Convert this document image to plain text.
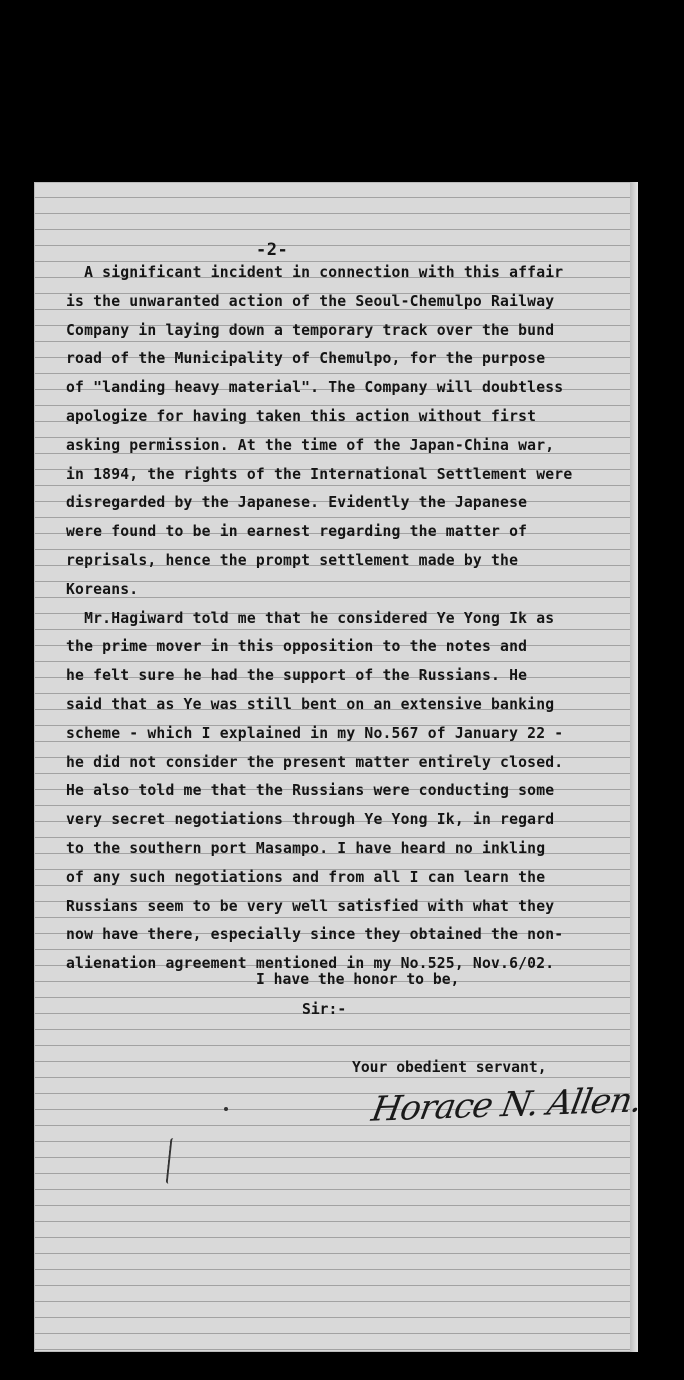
-2-
A significant incident in connection with this affair
is the unwaranted action of the Seoul-Chemulpo Railway
Company in laying down a temporary track over the bund
road of the Municipality of Chemulpo, for the purpose
of "landing heavy material". The Company will doubtless
apologize for having taken this action without first
asking permission. At the time of the Japan-China war,
in 1894, the rights of the International Settlement were
disregarded by the Japanese. Evidently the Japanese
were found to be in earnest regarding the matter of
reprisals, hence the prompt settlement made by the
Koreans.
Mr.Hagiward told me that he considered Ye Yong Ik as
the prime mover in this opposition to the notes and
he felt sure he had the support of the Russians. He
said that as Ye was still bent on an extensive banking
scheme - which I explained in my No.567 of January 22 -
he did not consider the present matter entirely closed.
He also told me that the Russians were conducting some
very secret negotiations through Ye Yong Ik, in regard
to the southern port Masampo. I have heard no inkling
of any such negotiations and from all I can learn the
Russians seem to be very well satisfied with what they
now have there, especially since they obtained the non-
alienation agreement mentioned in my No.525, Nov.6/02.
I have the honor to be,
Sir:-
Your obedient servant,
Horace N. Allen.
